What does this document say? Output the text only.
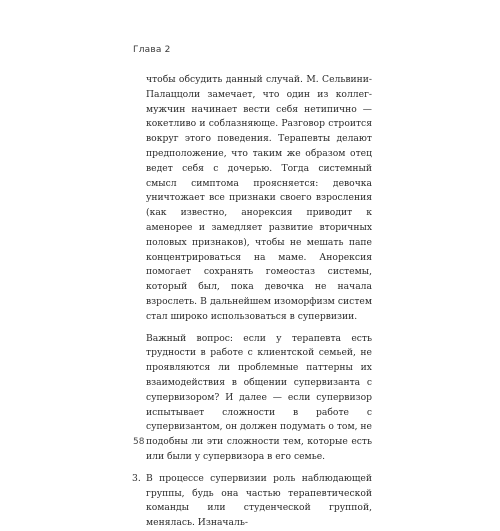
Глава 2

чтобы обсудить данный случай. М. Сельвини-Палаццоли замечает, что один из коллег-мужчин начинает вести себя нетипично — кокетливо и соблазняюще. Разговор строится вокруг этого поведения. Терапевты делают предположение, что таким же образом отец ведет себя с дочерью. Тогда системный смысл симптома проясняется: девочка уничтожает все признаки своего взросления (как известно, анорексия приводит к аменорее и замедляет развитие вторичных половых признаков), чтобы не мешать папе концентрироваться на маме. Анорексия помогает сохранять гомеостаз системы, который был, пока девочка не начала взрослеть. В дальнейшем изоморфизм систем стал широко использоваться в супервизии.

Важный вопрос: если у терапевта есть трудности в работе с клиентской семьей, не проявляются ли проблемные паттерны их взаимодействия в общении супервизанта с супервизором? И далее — если супервизор испытывает сложности в работе с супервизантом, он должен подумать о том, не подобны ли эти сложности тем, которые есть или были у супервизора в его семье.

3. В процессе супервизии роль наблюдающей группы, будь она частью терапевтической команды или студенческой группой, менялась. Изначаль-

58
